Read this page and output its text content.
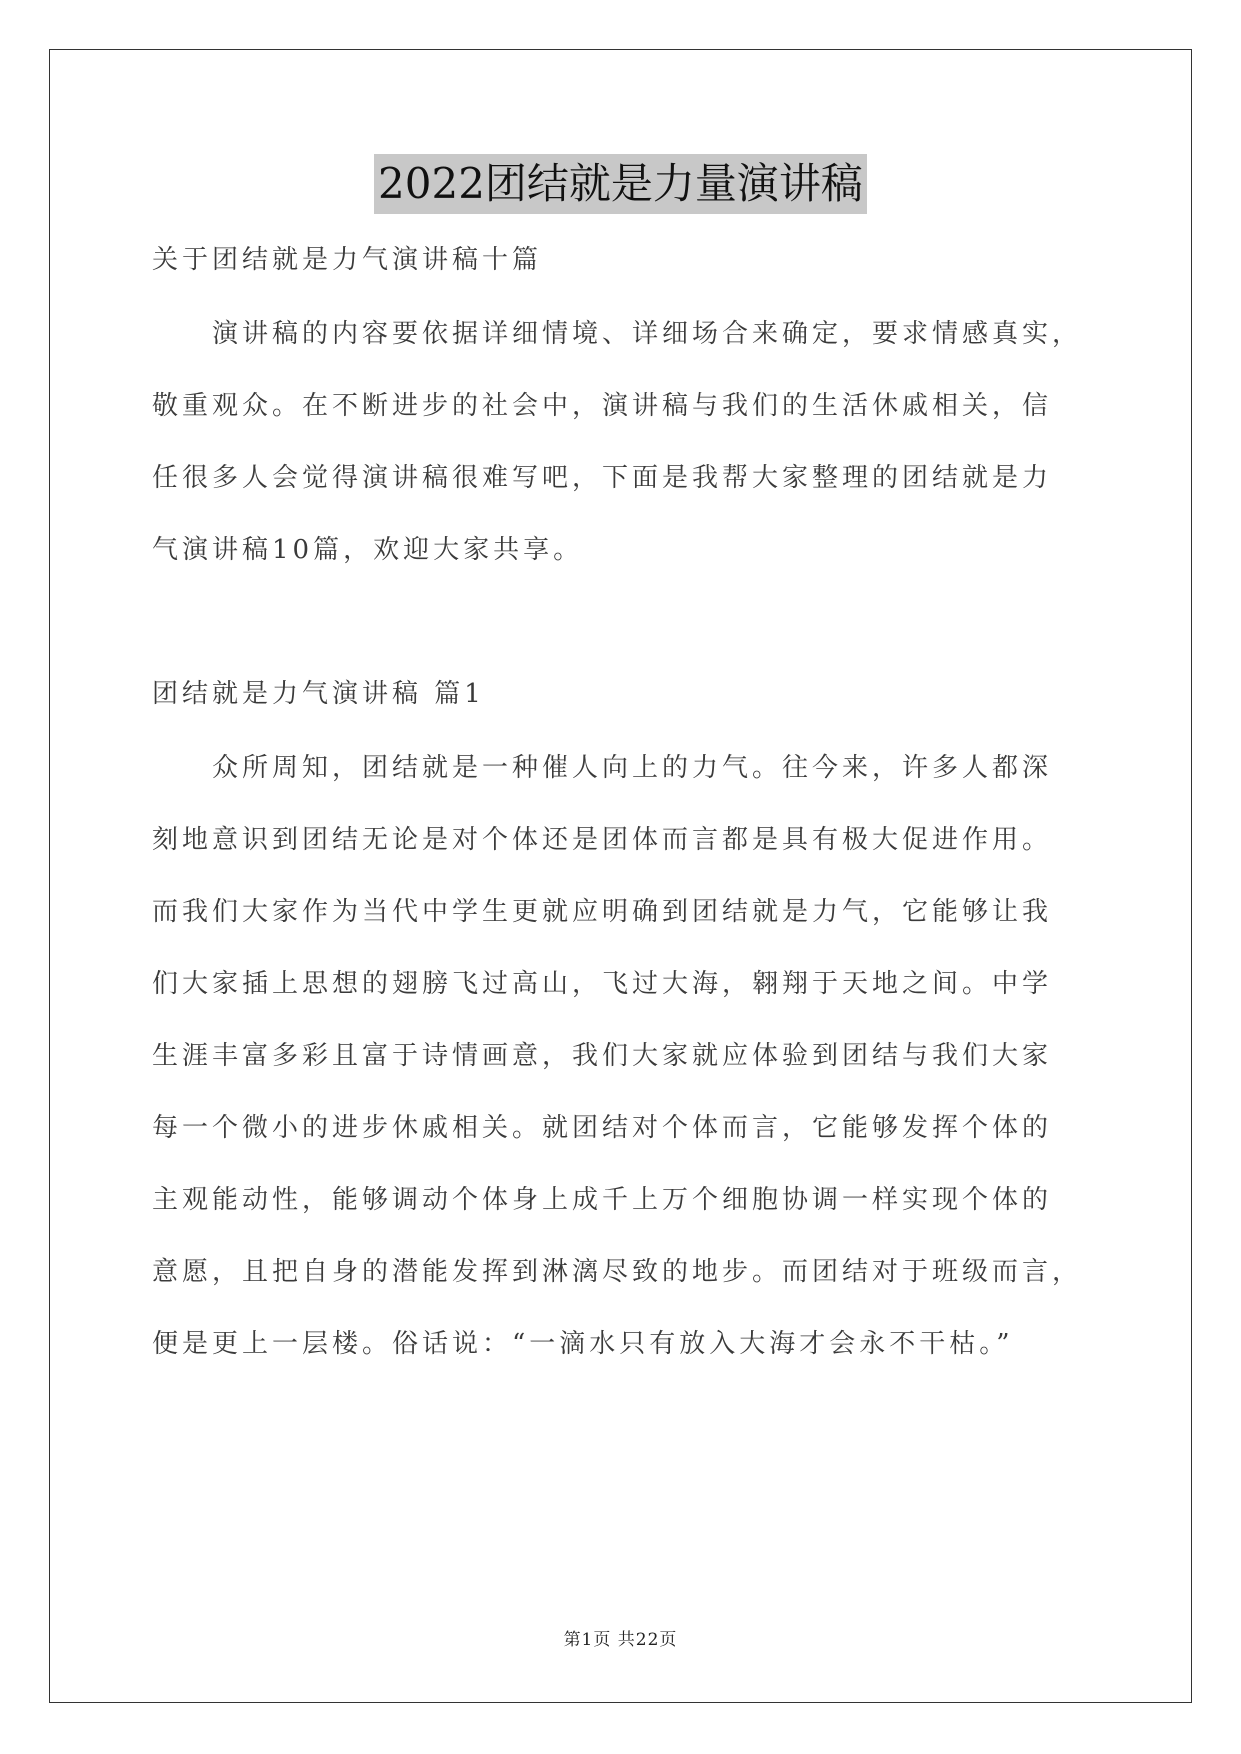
2022团结就是力量演讲稿
关于团结就是力气演讲稿十篇
演讲稿的内容要依据详细情境、详细场合来确定，要求情感真实，
敬重观众。在不断进步的社会中，演讲稿与我们的生活休戚相关，信
任很多人会觉得演讲稿很难写吧，下面是我帮大家整理的团结就是力
气演讲稿10篇，欢迎大家共享。
团结就是力气演讲稿 篇1
众所周知，团结就是一种催人向上的力气。往今来，许多人都深
刻地意识到团结无论是对个体还是团体而言都是具有极大促进作用。
而我们大家作为当代中学生更就应明确到团结就是力气，它能够让我
们大家插上思想的翅膀飞过高山，飞过大海，翱翔于天地之间。中学
生涯丰富多彩且富于诗情画意，我们大家就应体验到团结与我们大家
每一个微小的进步休戚相关。就团结对个体而言，它能够发挥个体的
主观能动性，能够调动个体身上成千上万个细胞协调一样实现个体的
意愿，且把自身的潜能发挥到淋漓尽致的地步。而团结对于班级而言，
便是更上一层楼。俗话说：“一滴水只有放入大海才会永不干枯。”
第1页 共22页
